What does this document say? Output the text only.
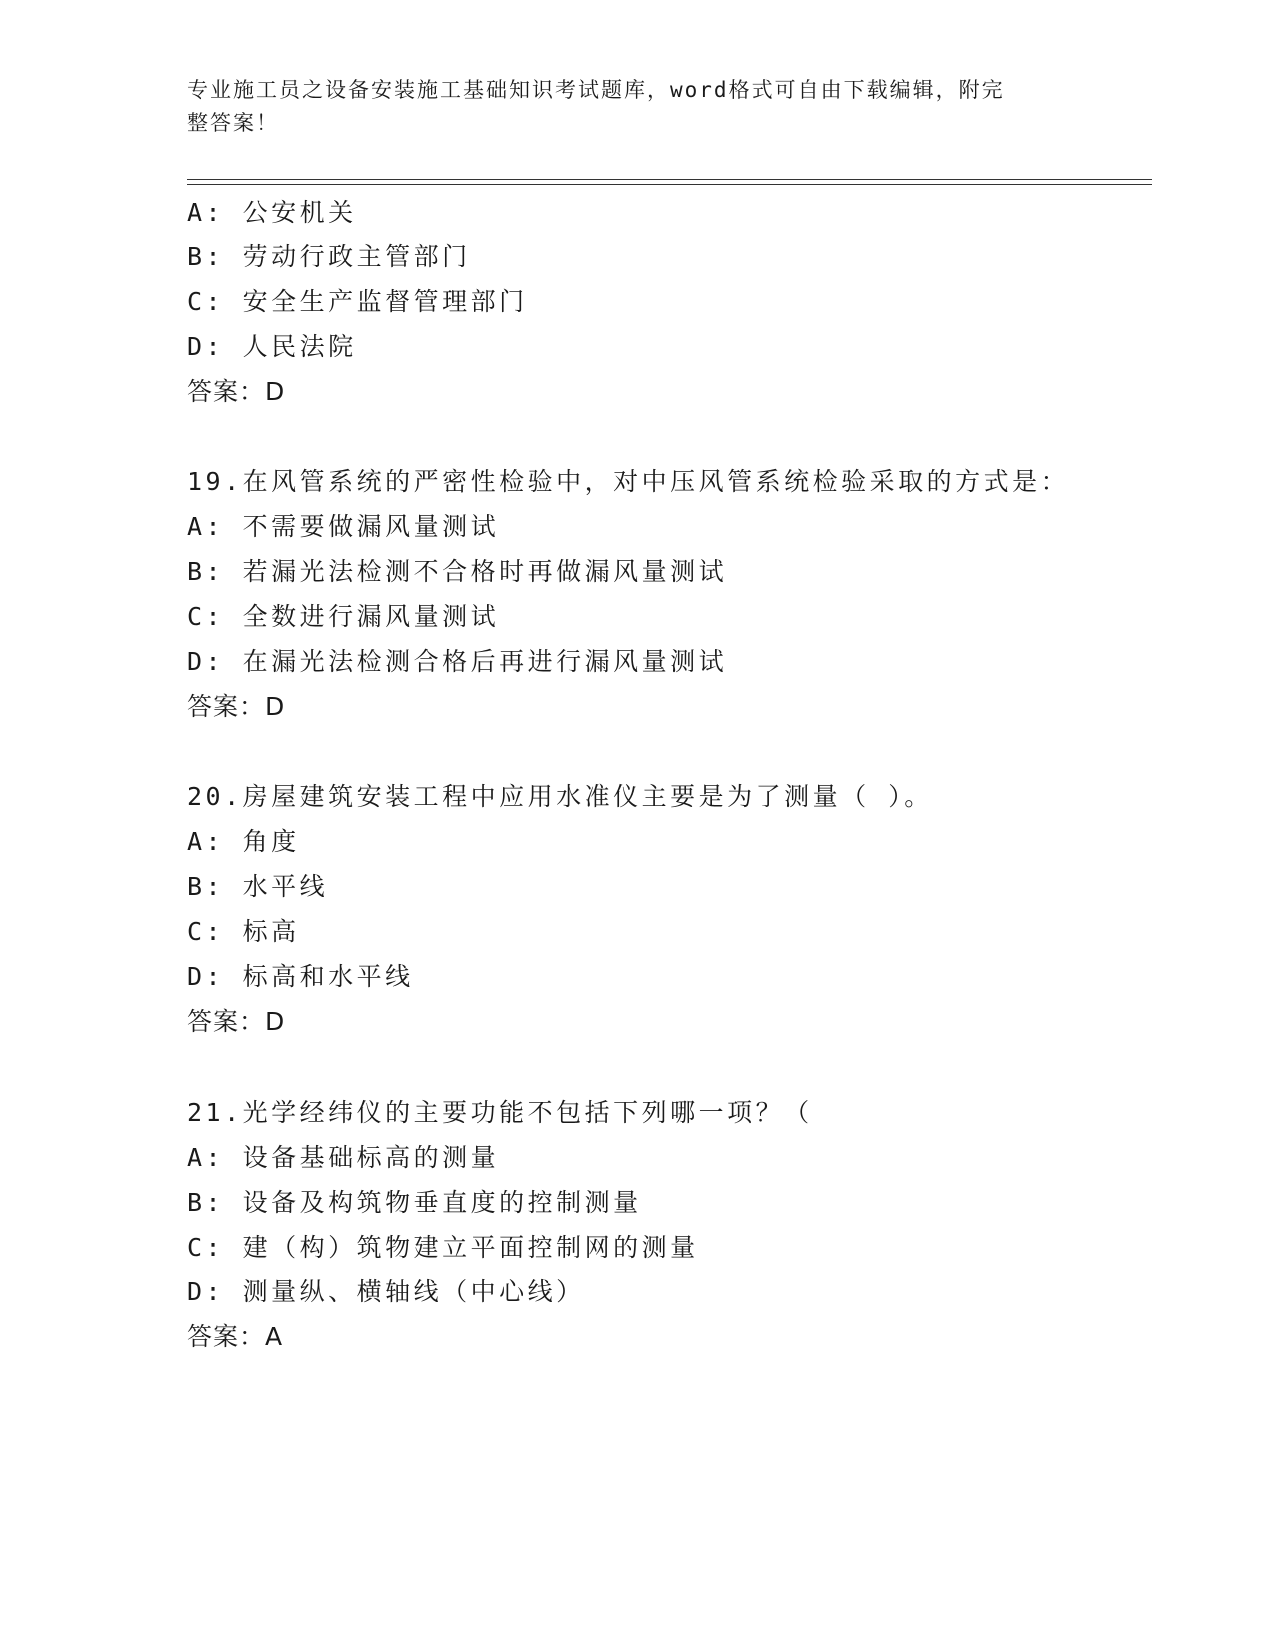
专业施工员之设备安装施工基础知识考试题库，word格式可自由下载编辑，附完
整答案！
A: 公安机关
B: 劳动行政主管部门
C: 安全生产监督管理部门
D: 人民法院
答案：D
19.在风管系统的严密性检验中，对中压风管系统检验采取的方式是：
A: 不需要做漏风量测试
B: 若漏光法检测不合格时再做漏风量测试
C: 全数进行漏风量测试
D: 在漏光法检测合格后再进行漏风量测试
答案：D
20.房屋建筑安装工程中应用水准仪主要是为了测量（ ）。
A: 角度
B: 水平线
C: 标高
D: 标高和水平线
答案：D
21.光学经纬仪的主要功能不包括下列哪一项？（
A: 设备基础标高的测量
B: 设备及构筑物垂直度的控制测量
C: 建（构）筑物建立平面控制网的测量
D: 测量纵、横轴线（中心线）
答案：A
